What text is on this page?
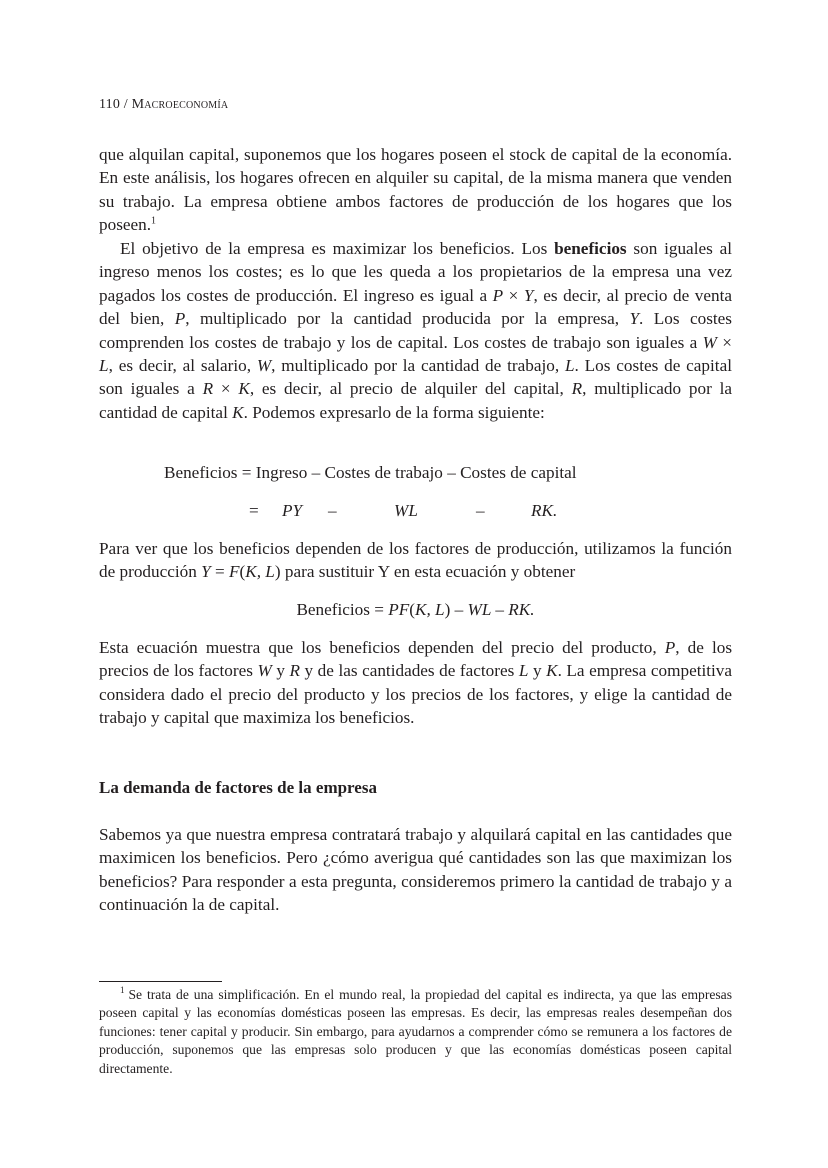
110 / Macroeconomía

que alquilan capital, suponemos que los hogares poseen el stock de capital de la economía. En este análisis, los hogares ofrecen en alquiler su capital, de la misma manera que venden su trabajo. La empresa obtiene ambos factores de producción de los hogares que los poseen.$^1$

El objetivo de la empresa es maximizar los beneficios. Los beneficios son iguales al ingreso menos los costes; es lo que les queda a los propietarios de la empresa una vez pagados los costes de producción. El ingreso es igual a P × Y, es decir, al precio de venta del bien, P, multiplicado por la cantidad producida por la empresa, Y. Los costes comprenden los costes de trabajo y los de capital. Los costes de trabajo son iguales a W × L, es decir, al salario, W, multiplicado por la cantidad de trabajo, L. Los costes de capital son iguales a R × K, es decir, al precio de alquiler del capital, R, multiplicado por la cantidad de capital K. Podemos expresarlo de la forma siguiente:

Beneficios = Ingreso – Costes de trabajo – Costes de capital
= PY –	WL	–	RK.

Para ver que los beneficios dependen de los factores de producción, utilizamos la función de producción Y = F(K, L) para sustituir Y en esta ecuación y obtener

Beneficios = PF(K, L) – WL – RK.

Esta ecuación muestra que los beneficios dependen del precio del producto, P, de los precios de los factores W y R y de las cantidades de factores L y K. La empresa competitiva considera dado el precio del producto y los precios de los factores, y elige la cantidad de trabajo y capital que maximiza los beneficios.

La demanda de factores de la empresa

Sabemos ya que nuestra empresa contratará trabajo y alquilará capital en las cantidades que maximicen los beneficios. Pero ¿cómo averigua qué cantidades son las que maximizan los beneficios? Para responder a esta pregunta, consideremos primero la cantidad de trabajo y a continuación la de capital.

$^1$ Se trata de una simplificación. En el mundo real, la propiedad del capital es indirecta, ya que las empresas poseen capital y las economías domésticas poseen las empresas. Es decir, las empresas reales desempeñan dos funciones: tener capital y producir. Sin embargo, para ayudarnos a comprender cómo se remunera a los factores de producción, suponemos que las empresas solo producen y que las economías domésticas poseen capital directamente.
